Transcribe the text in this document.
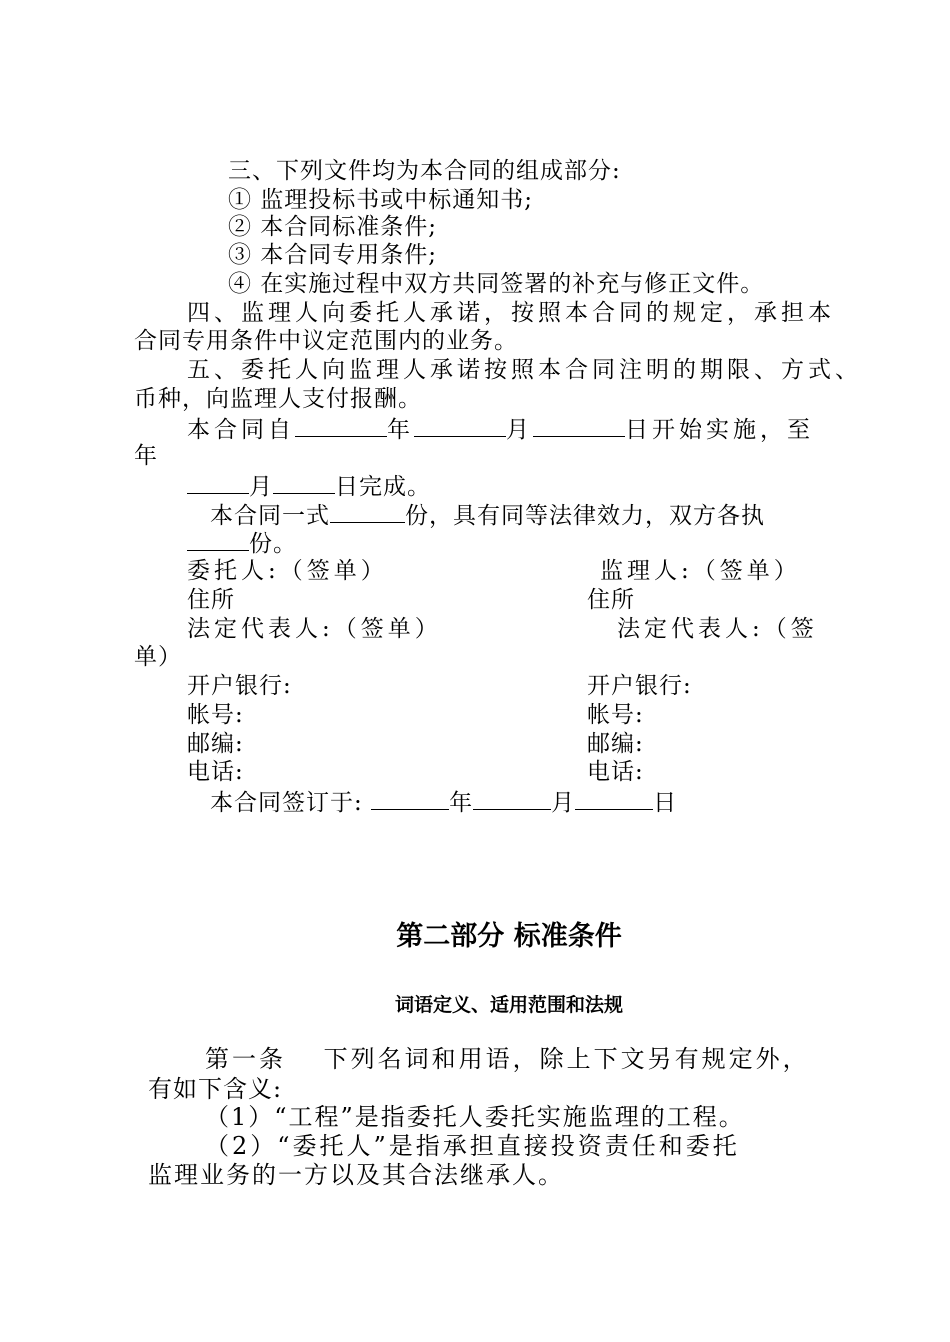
三、下列文件均为本合同的组成部分:
① 监理投标书或中标通知书;
② 本合同标准条件;
③ 本合同专用条件;
④ 在实施过程中双方共同签署的补充与修正文件。
四、监理人向委托人承诺，按照本合同的规定，承担本
合同专用条件中议定范围内的业务。
五、委托人向监理人承诺按照本合同注明的期限、方式、
币种，向监理人支付报酬。
本合同自	年	月	日开始实施，至
年
月	日完成。
本合同一式	份，具有同等法律效力，双方各执
份。
委托人:（签单）	监理人:（签单）
住所	住所
法定代表人:（签单）	法定代表人:（签
单）
开户银行:	开户银行:
帐号:	帐号:
邮编:	邮编:
电话:	电话:
本合同签订于:	年	月	日
第二部分 标准条件
词语定义、适用范围和法规
第一条　 下列名词和用语，除上下文另有规定外，
有如下含义:
（1）“工程”是指委托人委托实施监理的工程。
（2）“委托人”是指承担直接投资责任和委托
监理业务的一方以及其合法继承人。
